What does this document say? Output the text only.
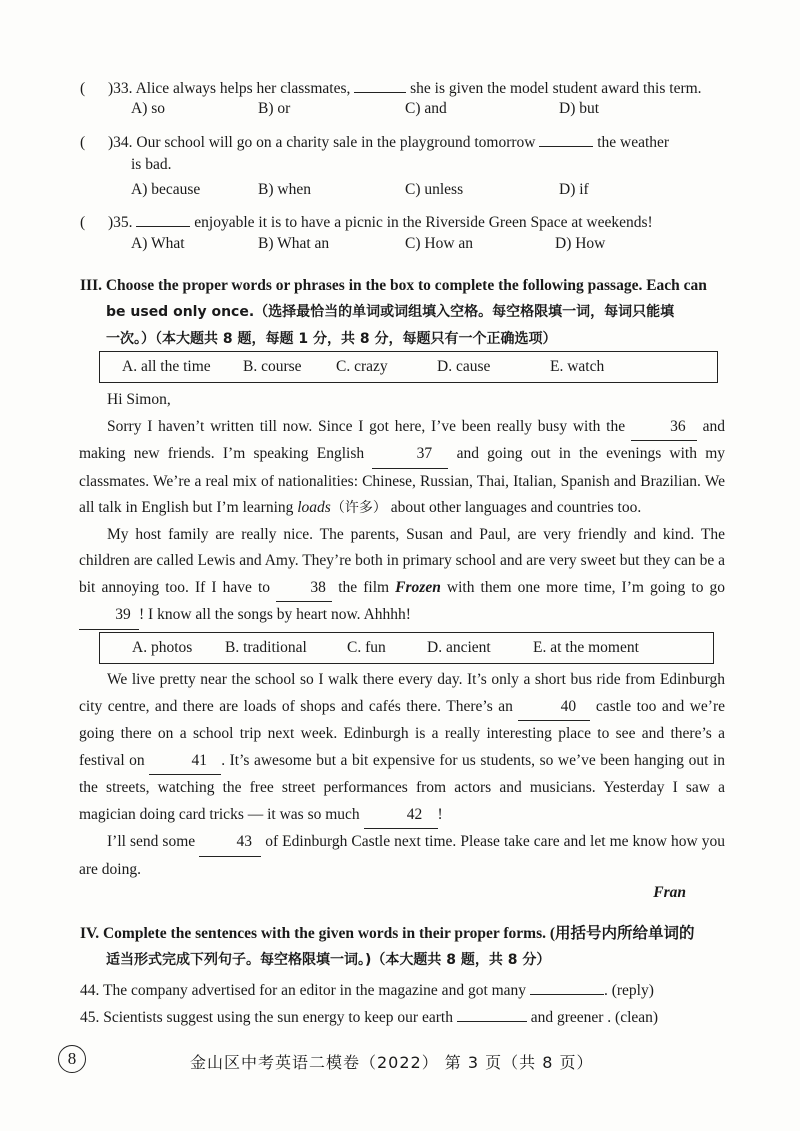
( )33. Alice always helps her classmates,	she is given the model student award this term.
A) so	B) or	C) and	D) but
( )34. Our school will go on a charity sale in the playground tomorrow	the weather
is bad.
A) because	B) when	C) unless	D) if
( )35.	enjoyable it is to have a picnic in the Riverside Green Space at weekends!
A) What	B) What an	C) How an	D) How
III. Choose the proper words or phrases in the box to complete the following passage. Each can
be used only once.（选择最恰当的单词或词组填入空格。每空格限填一词，每词只能填
一次。）（本大题共 8 题，每题 1 分，共 8 分，每题只有一个正确选项）
A. all the time B. course C. crazy	D. cause	E. watch

Hi Simon,

Sorry I haven’t written till now. Since I got here, I’ve been really busy with the	36 and making new friends. I’m speaking English	37 and going out in the evenings with my classmates. We’re a real mix of nationalities: Chinese, Russian, Thai, Italian, Spanish and Brazilian. We all talk in English but I’m learning loads（许多） about other languages and countries too.

My host family are really nice. The parents, Susan and Paul, are very friendly and kind. The children are called Lewis and Amy. They’re both in primary school and are very sweet but they can be a bit annoying too. If I have to	38 the film Frozen with them one more time, I’m going to go 39 ! I know all the songs by heart now. Ahhhh!

A. photos B. traditional	C. fun	D. ancient	E. at the moment

We live pretty near the school so I walk there every day. It’s only a short bus ride from Edinburgh city centre, and there are loads of shops and cafés there. There’s an	40 castle too and we’re going there on a school trip next week. Edinburgh is a really interesting place to see and there’s a festival on	41 . It’s awesome but a bit expensive for us students, so we’ve been hanging out in the streets, watching the free street performances from actors and musicians. Yesterday I saw a magician doing card tricks — it was so much	42 !

I’ll send some	43 of Edinburgh Castle next time. Please take care and let me know how you are doing.

Fran
IV. Complete the sentences with the given words in their proper forms. (用括号内所给单词的
适当形式完成下列句子。每空格限填一词。)（本大题共 8 题，共 8 分）
44. The company advertised for an editor in the magazine and got many	. (reply)
45. Scientists suggest using the sun energy to keep our earth	and greener . (clean)
8	金山区中考英语二模卷（2022） 第 3 页（共 8 页）
